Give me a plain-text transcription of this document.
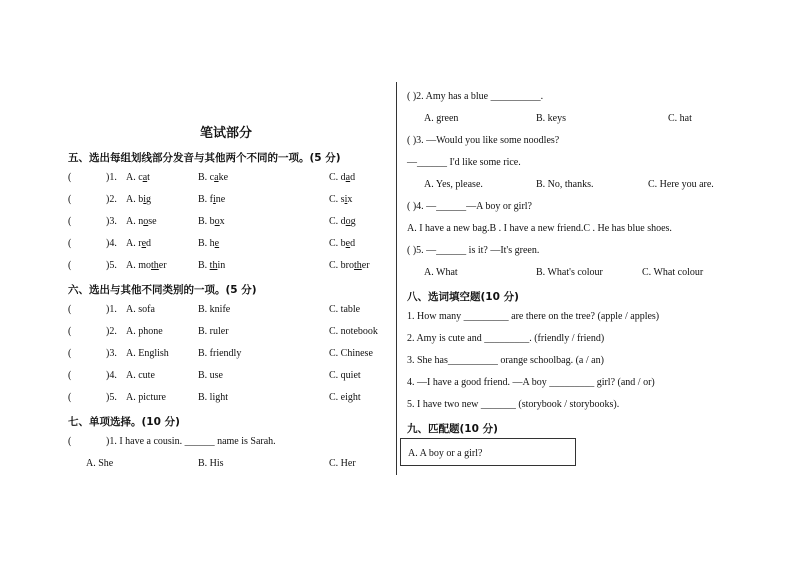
笔试部分
五、选出每组划线部分发音与其他两个不同的一项。(5 分)
(	)1. A. cat	B. cake	C. dad
(	)2. A. big	B. fine	C. six
(	)3. A. nose	B. box	C. dog
(	)4. A. red	B. he	C. bed
(	)5. A. mother	B. thin	C. brother
六、选出与其他不同类别的一项。(5 分)
(	)1. A. sofa	B. knife	C. table
(	)2. A. phone	B. ruler	C. notebook
(	)3. A. English	B. friendly	C. Chinese
(	)4. A. cute	B. use	C. quiet
(	)5. A. picture	B. light	C. eight
七、单项选择。(10 分)
(	)1. I have a cousin. ______ name is Sarah.
A. She	B. His	C. Her
( )2. Amy has a blue __________.
A. green	B. keys	C. hat
( )3. —Would you like some noodles?
—______ I'd like some rice.
A. Yes, please.	B. No, thanks.	C. Here you are.
( )4. —______—A boy or girl?
A. I have a new bag.B . I have a new friend.C . He has blue shoes.
( )5. —______ is it? —It's green.
A. What	B. What's colour	C. What colour
八、选词填空题(10 分)
1. How many _________ are there on the tree? (apple / apples)
2. Amy is cute and _________. (friendly / friend)
3. She has__________ orange schoolbag. (a / an)
4. —I have a good friend. —A boy _________ girl? (and / or)
5. I have two new _______ (storybook / storybooks).
九、匹配题(10 分)
A. A boy or a girl?
